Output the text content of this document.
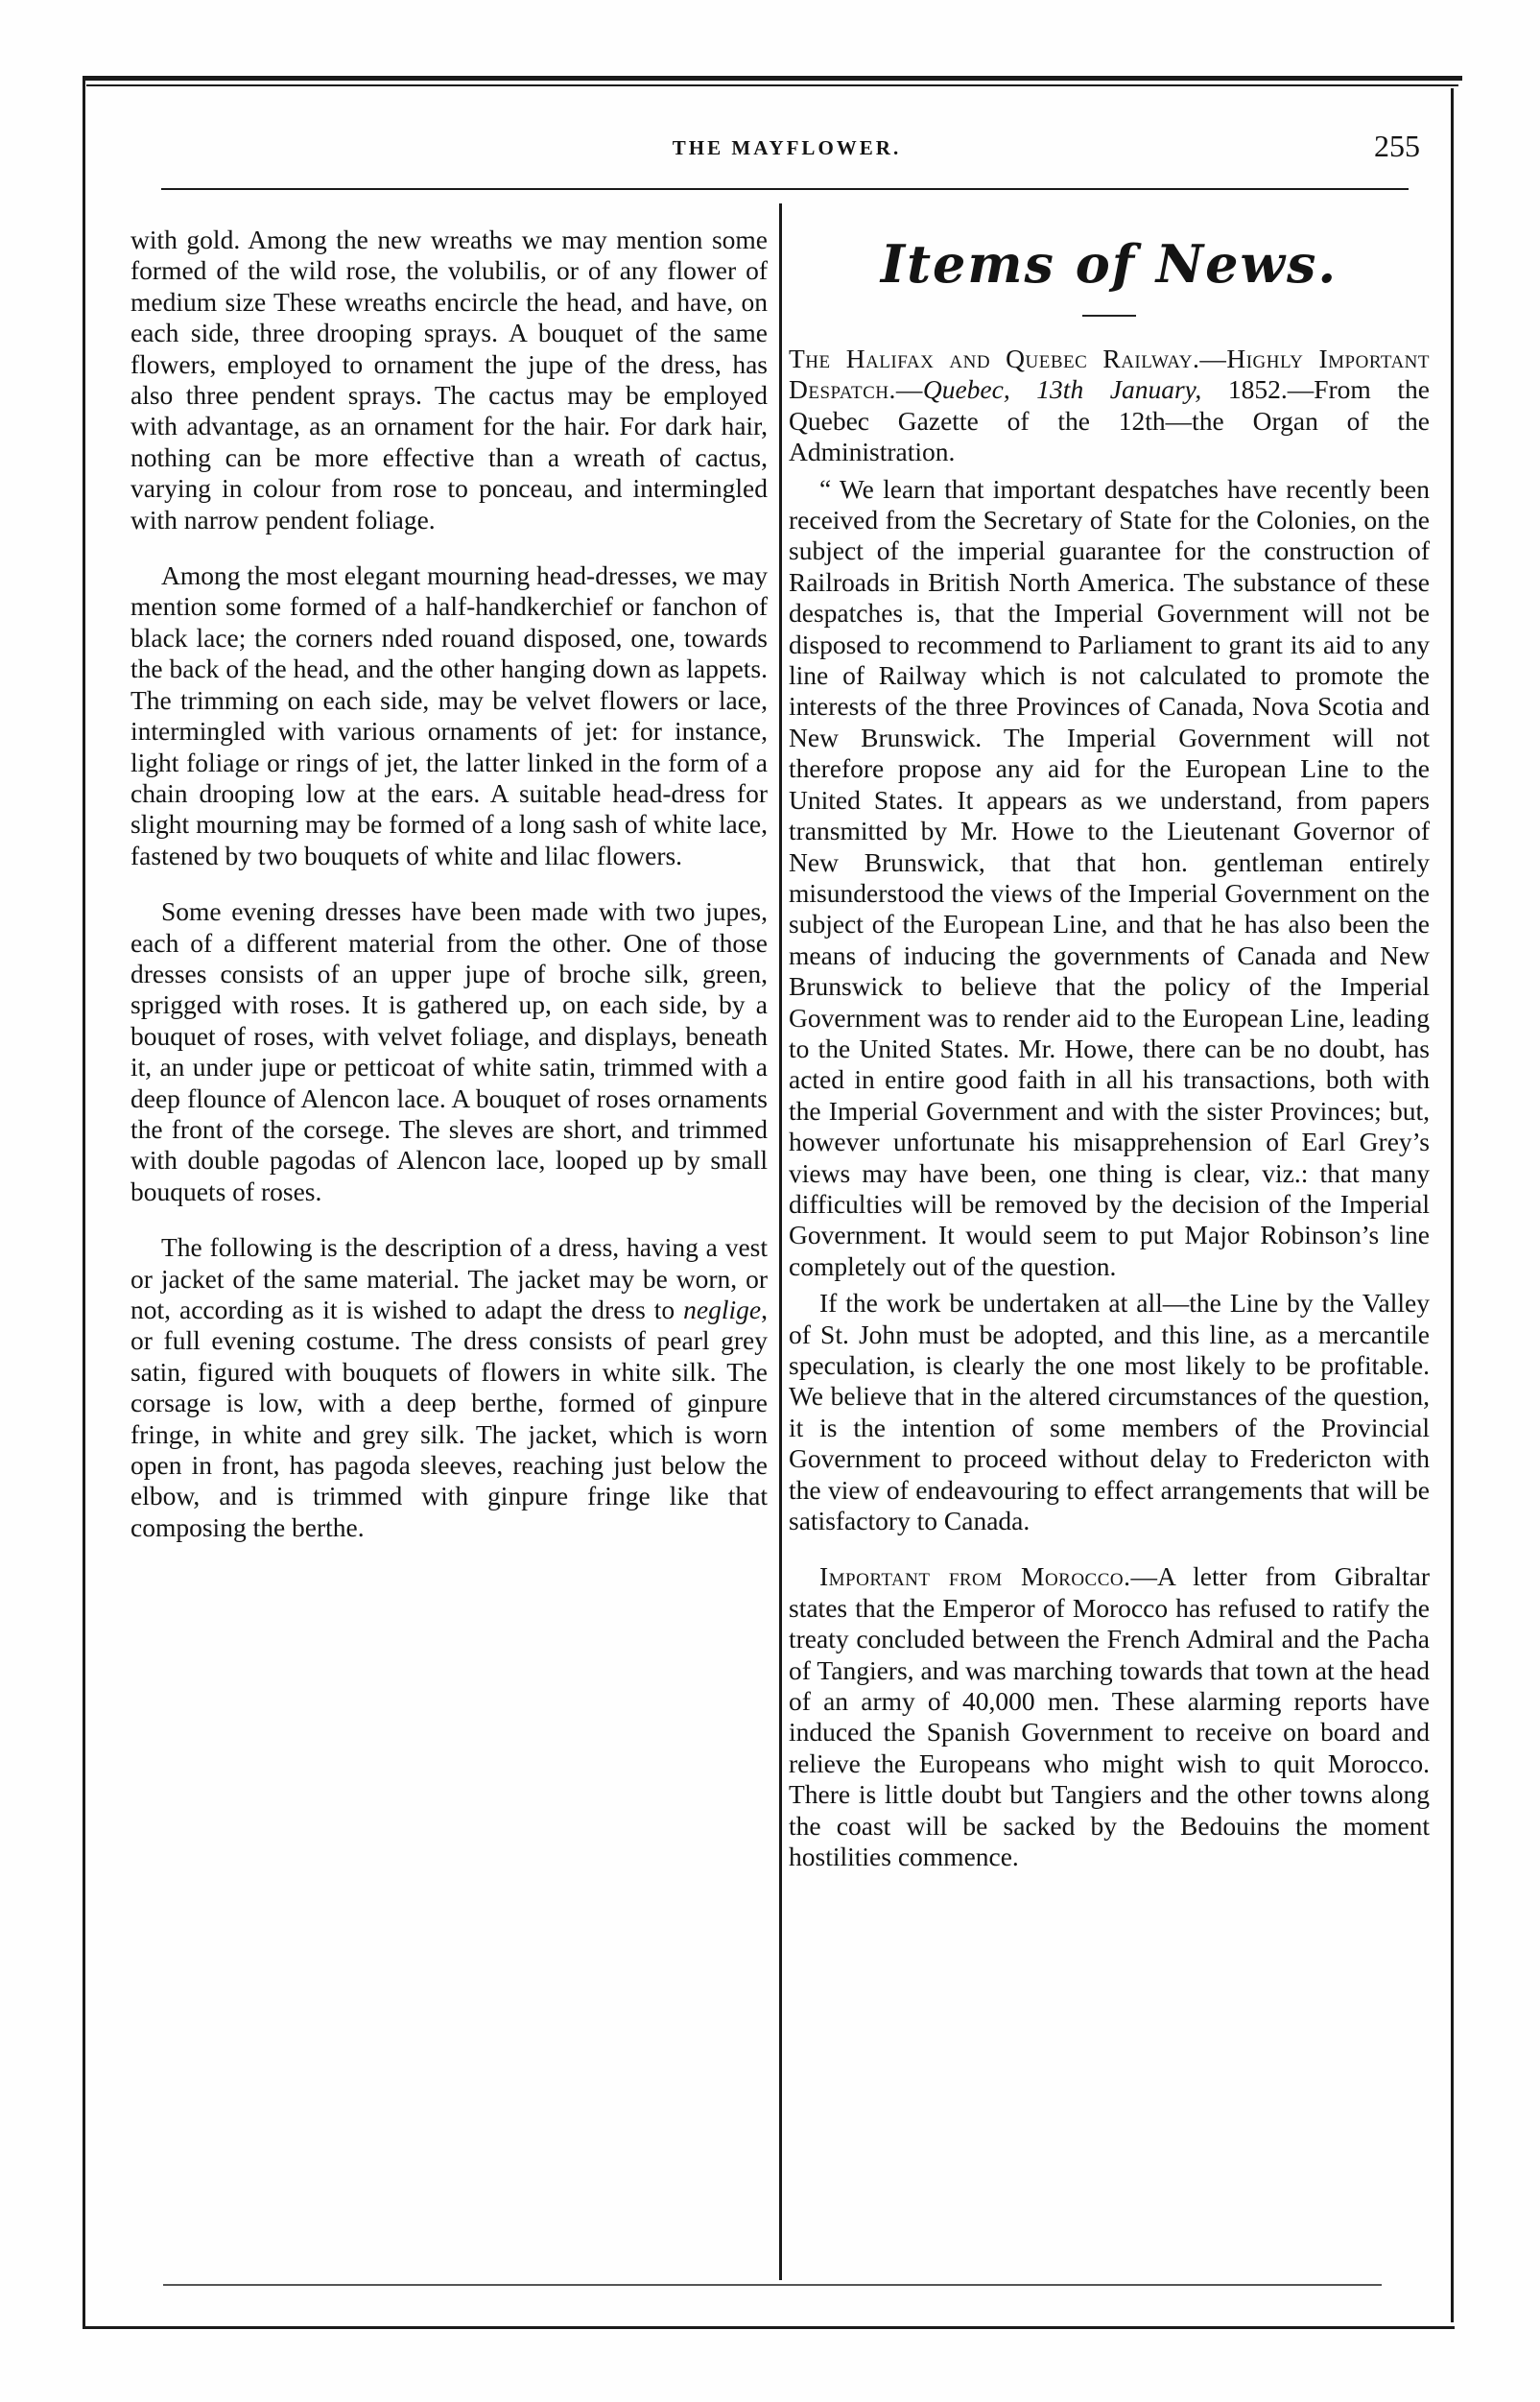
THE MAYFLOWER.	255

with gold. Among the new wreaths we may mention some formed of the wild rose, the volubilis, or of any flower of medium size These wreaths encircle the head, and have, on each side, three drooping sprays. A bouquet of the same flowers, employed to ornament the jupe of the dress, has also three pendent sprays. The cactus may be employed with advantage, as an ornament for the hair. For dark hair, nothing can be more effective than a wreath of cactus, varying in colour from rose to ponceau, and intermingled with narrow pendent foliage.

Among the most elegant mourning head-dresses, we may mention some formed of a half-handkerchief or fanchon of black lace; the corners nded rouand disposed, one, towards the back of the head, and the other hanging down as lappets. The trimming on each side, may be velvet flowers or lace, intermingled with various ornaments of jet: for instance, light foliage or rings of jet, the latter linked in the form of a chain drooping low at the ears. A suitable head-dress for slight mourning may be formed of a long sash of white lace, fastened by two bouquets of white and lilac flowers.

Some evening dresses have been made with two jupes, each of a different material from the other. One of those dresses consists of an upper jupe of broche silk, green, sprigged with roses. It is gathered up, on each side, by a bouquet of roses, with velvet foliage, and displays, beneath it, an under jupe or petticoat of white satin, trimmed with a deep flounce of Alencon lace. A bouquet of roses ornaments the front of the corsege. The sleves are short, and trimmed with double pagodas of Alencon lace, looped up by small bouquets of roses.

The following is the description of a dress, having a vest or jacket of the same material. The jacket may be worn, or not, according as it is wished to adapt the dress to neglige, or full evening costume. The dress consists of pearl grey satin, figured with bouquets of flowers in white silk. The corsage is low, with a deep berthe, formed of ginpure fringe, in white and grey silk. The jacket, which is worn open in front, has pagoda sleeves, reaching just below the elbow, and is trimmed with ginpure fringe like that composing the berthe.

Items of News.

The Halifax and Quebec Railway.—Highly Important Despatch.—Quebec, 13th January, 1852.—From the Quebec Gazette of the 12th—the Organ of the Administration.

“ We learn that important despatches have recently been received from the Secretary of State for the Colonies, on the subject of the imperial guarantee for the construction of Railroads in British North America. The substance of these despatches is, that the Imperial Government will not be disposed to recommend to Parliament to grant its aid to any line of Railway which is not calculated to promote the interests of the three Provinces of Canada, Nova Scotia and New Brunswick. The Imperial Government will not therefore propose any aid for the European Line to the United States. It appears as we understand, from papers transmitted by Mr. Howe to the Lieutenant Governor of New Brunswick, that that hon. gentleman entirely misunderstood the views of the Imperial Government on the subject of the European Line, and that he has also been the means of inducing the governments of Canada and New Brunswick to believe that the policy of the Imperial Government was to render aid to the European Line, leading to the United States. Mr. Howe, there can be no doubt, has acted in entire good faith in all his transactions, both with the Imperial Government and with the sister Provinces; but, however unfortunate his misapprehension of Earl Grey’s views may have been, one thing is clear, viz.: that many difficulties will be removed by the decision of the Imperial Government. It would seem to put Major Robinson’s line completely out of the question.

If the work be undertaken at all—the Line by the Valley of St. John must be adopted, and this line, as a mercantile speculation, is clearly the one most likely to be profitable. We believe that in the altered circumstances of the question, it is the intention of some members of the Provincial Government to proceed without delay to Fredericton with the view of endeavouring to effect arrangements that will be satisfactory to Canada.

Important from Morocco.—A letter from Gibraltar states that the Emperor of Morocco has refused to ratify the treaty concluded between the French Admiral and the Pacha of Tangiers, and was marching towards that town at the head of an army of 40,000 men. These alarming reports have induced the Spanish Government to receive on board and relieve the Europeans who might wish to quit Morocco. There is little doubt but Tangiers and the other towns along the coast will be sacked by the Bedouins the moment hostilities commence.
